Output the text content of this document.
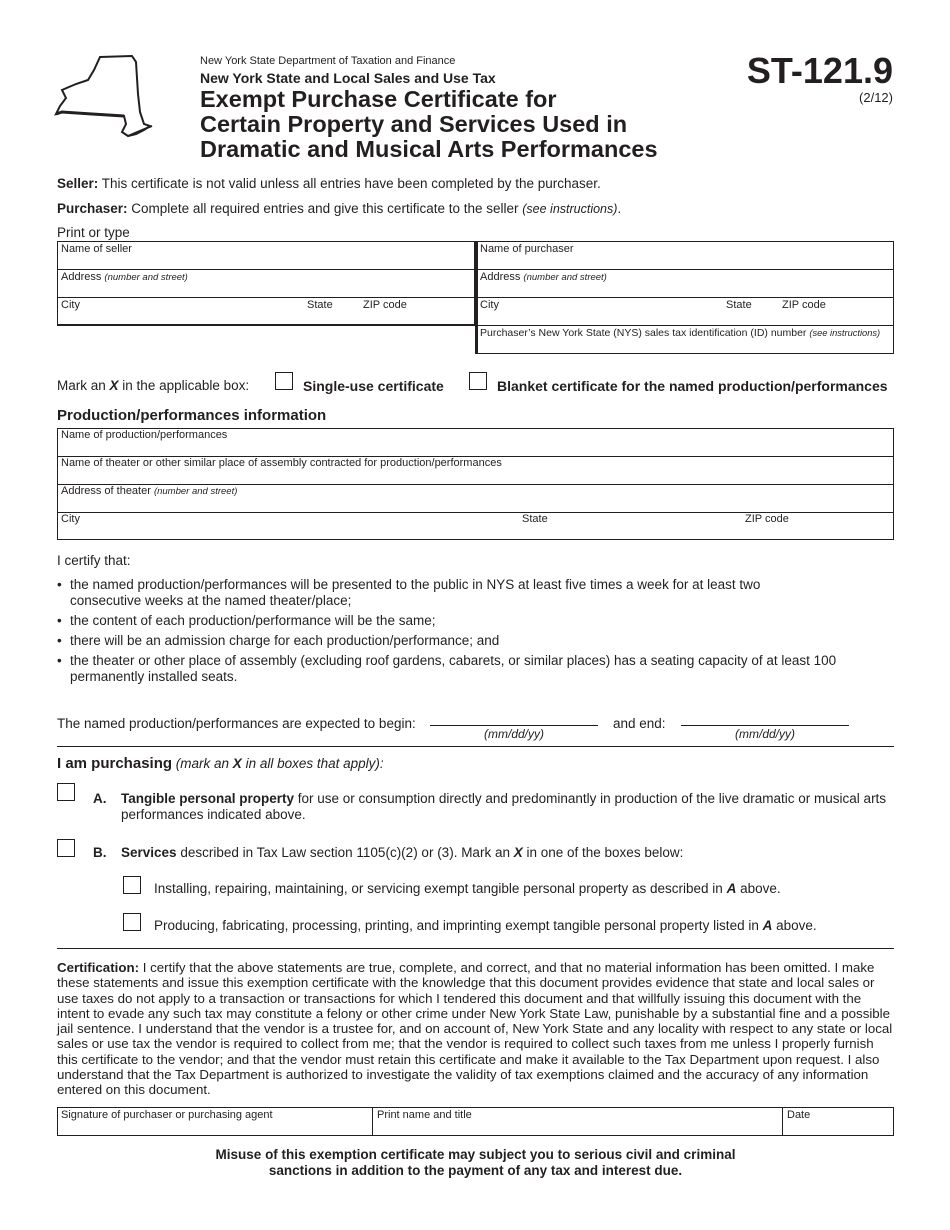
New York State Department of Taxation and Finance
New York State and Local Sales and Use Tax
Exempt Purchase Certificate for
Certain Property and Services Used in
Dramatic and Musical Arts Performances
ST-121.9
(2/12)
Seller: This certificate is not valid unless all entries have been completed by the purchaser.
Purchaser: Complete all required entries and give this certificate to the seller (see instructions).
Print or type
Name of seller
Address (number and street)
City	State	ZIP code
Name of purchaser
Address (number and street)
City	State	ZIP code
Purchaser’s New York State (NYS) sales tax identification (ID) number (see instructions)
Mark an X in the applicable box:	Single-use certificate	Blanket certificate for the named production/performances
Production/performances information
Name of production/performances
Name of theater or other similar place of assembly contracted for production/performances
Address of theater (number and street)
City	State	ZIP code
I certify that:
• the named production/performances will be presented to the public in NYS at least five times a week for at least two consecutive weeks at the named theater/place;
• the content of each production/performance will be the same;
• there will be an admission charge for each production/performance; and
• the theater or other place of assembly (excluding roof gardens, cabarets, or similar places) has a seating capacity of at least 100 permanently installed seats.
The named production/performances are expected to begin:
(mm/dd/yy)
and end:
(mm/dd/yy)
I am purchasing (mark an X in all boxes that apply):
A. Tangible personal property for use or consumption directly and predominantly in production of the live dramatic or musical arts performances indicated above.
B. Services described in Tax Law section 1105(c)(2) or (3). Mark an X in one of the boxes below:
Installing, repairing, maintaining, or servicing exempt tangible personal property as described in A above.
Producing, fabricating, processing, printing, and imprinting exempt tangible personal property listed in A above.
Certification: I certify that the above statements are true, complete, and correct, and that no material information has been omitted. I make these statements and issue this exemption certificate with the knowledge that this document provides evidence that state and local sales or use taxes do not apply to a transaction or transactions for which I tendered this document and that willfully issuing this document with the intent to evade any such tax may constitute a felony or other crime under New York State Law, punishable by a substantial fine and a possible jail sentence. I understand that the vendor is a trustee for, and on account of, New York State and any locality with respect to any state or local sales or use tax the vendor is required to collect from me; that the vendor is required to collect such taxes from me unless I properly furnish this certificate to the vendor; and that the vendor must retain this certificate and make it available to the Tax Department upon request. I also understand that the Tax Department is authorized to investigate the validity of tax exemptions claimed and the accuracy of any information entered on this document.
Signature of purchaser or purchasing agent	Print name and title	Date
Misuse of this exemption certificate may subject you to serious civil and criminal
sanctions in addition to the payment of any tax and interest due.
